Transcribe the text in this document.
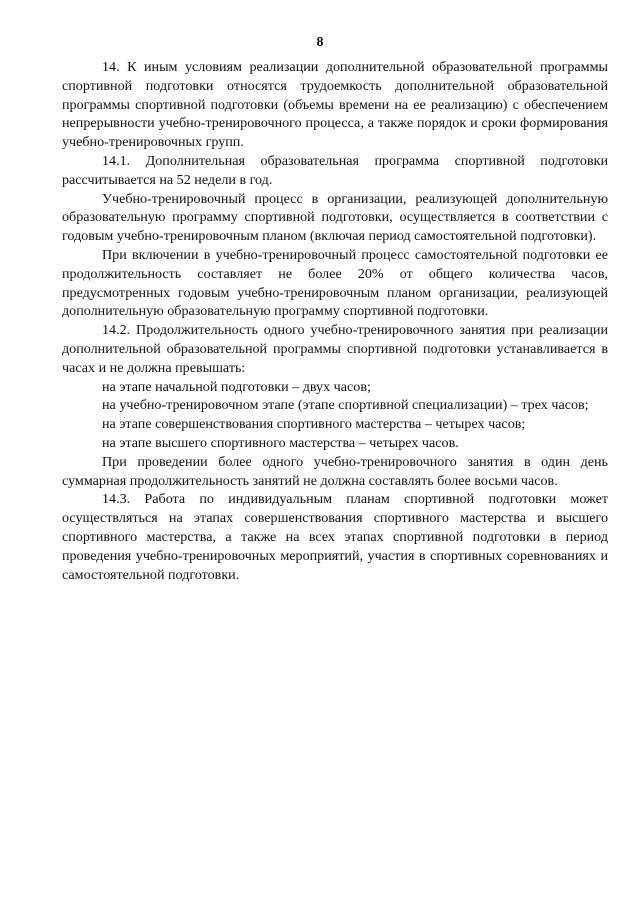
8

14. К иным условиям реализации дополнительной образовательной программы спортивной подготовки относятся трудоемкость дополнительной образовательной программы спортивной подготовки (объемы времени на ее реализацию) с обеспечением непрерывности учебно-тренировочного процесса, а также порядок и сроки формирования учебно-тренировочных групп.

14.1. Дополнительная образовательная программа спортивной подготовки рассчитывается на 52 недели в год.

Учебно-тренировочный процесс в организации, реализующей дополнительную образовательную программу спортивной подготовки, осуществляется в соответствии с годовым учебно-тренировочным планом (включая период самостоятельной подготовки).

При включении в учебно-тренировочный процесс самостоятельной подготовки ее продолжительность составляет не более 20% от общего количества часов, предусмотренных годовым учебно-тренировочным планом организации, реализующей дополнительную образовательную программу спортивной подготовки.

14.2. Продолжительность одного учебно-тренировочного занятия при реализации дополнительной образовательной программы спортивной подготовки устанавливается в часах и не должна превышать:

на этапе начальной подготовки – двух часов;

на учебно-тренировочном этапе (этапе спортивной специализации) – трех часов;

на этапе совершенствования спортивного мастерства – четырех часов;

на этапе высшего спортивного мастерства – четырех часов.

При проведении более одного учебно-тренировочного занятия в один день суммарная продолжительность занятий не должна составлять более восьми часов.

14.3. Работа по индивидуальным планам спортивной подготовки может осуществляться на этапах совершенствования спортивного мастерства и высшего спортивного мастерства, а также на всех этапах спортивной подготовки в период проведения учебно-тренировочных мероприятий, участия в спортивных соревнованиях и самостоятельной подготовки.
